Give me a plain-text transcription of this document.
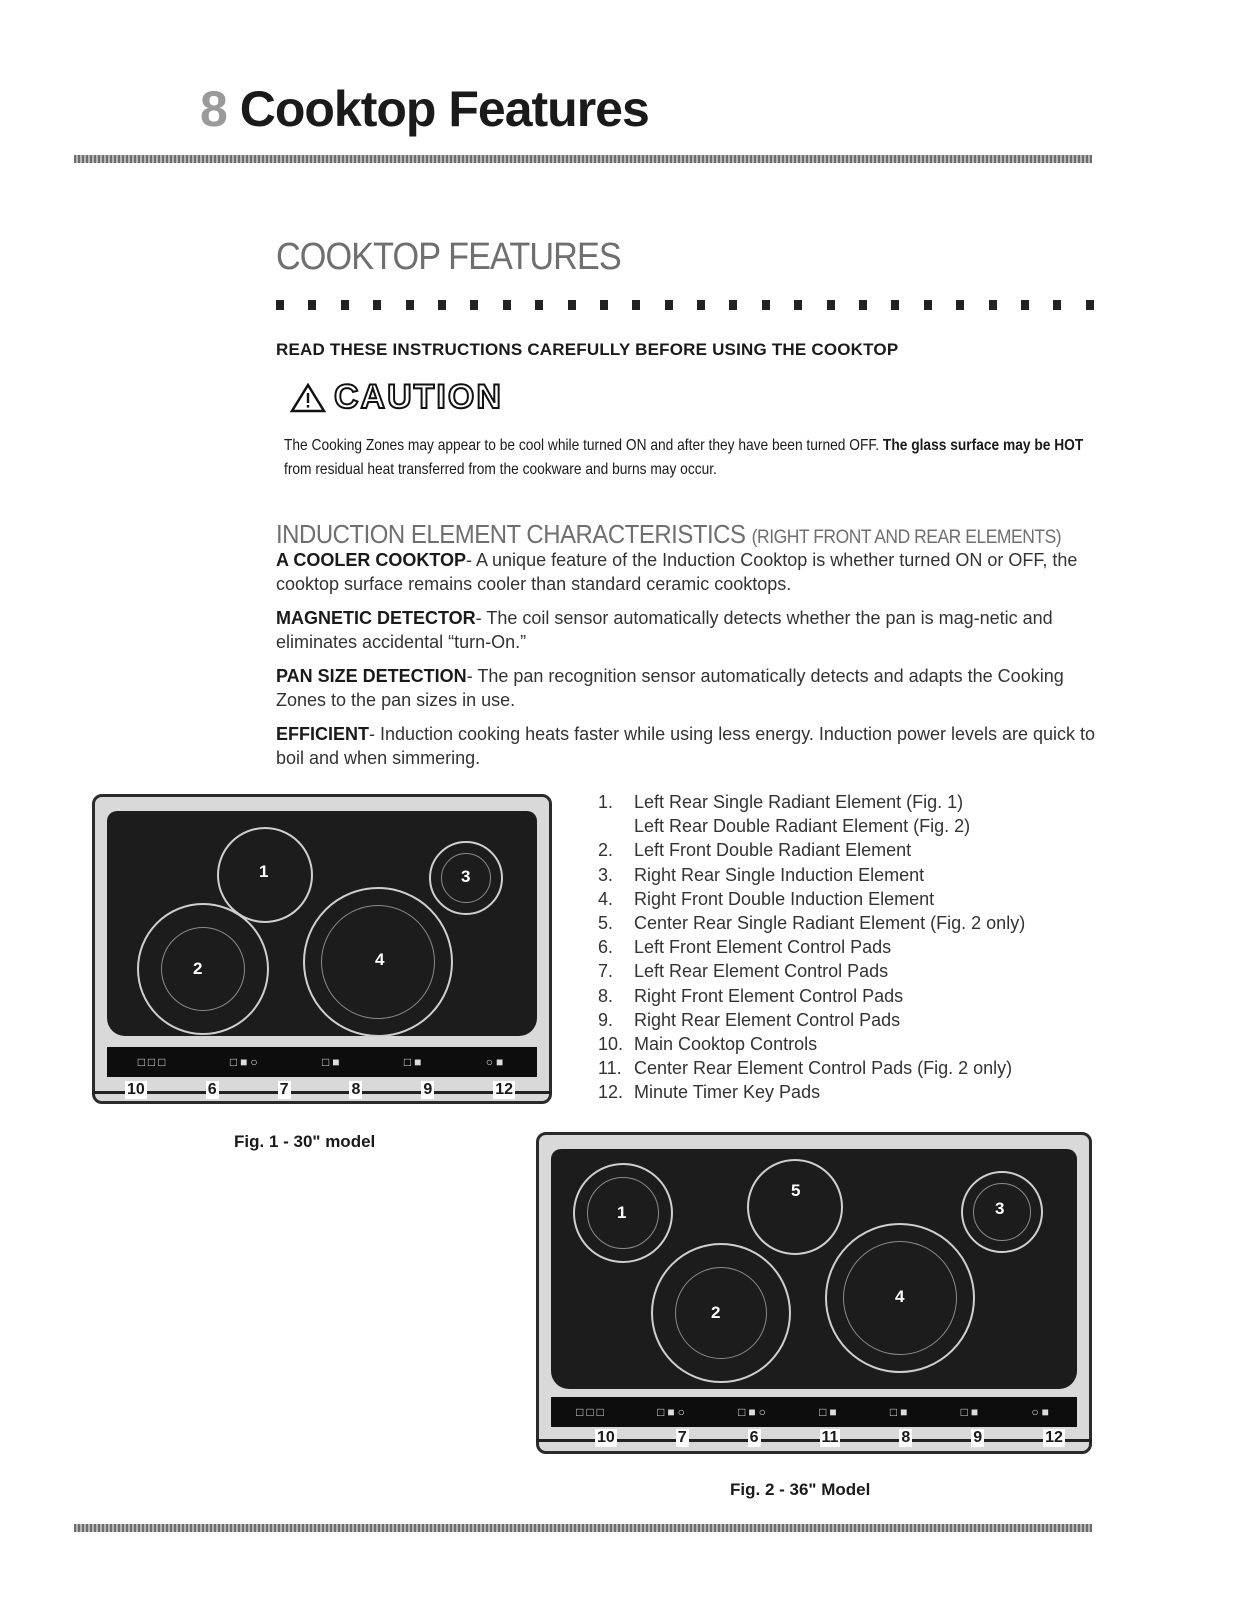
8 Cooktop Features
COOKTOP FEATURES
READ THESE INSTRUCTIONS CAREFULLY BEFORE USING THE COOKTOP
CAUTION
The Cooking Zones may appear to be cool while turned ON and after they have been turned OFF. The glass surface may be HOT from residual heat transferred from the cookware and burns may occur.
INDUCTION ELEMENT CHARACTERISTICS (RIGHT FRONT AND REAR ELEMENTS)
A COOLER COOKTOP- A unique feature of the Induction Cooktop is whether turned ON or OFF, the cooktop surface remains cooler than standard ceramic cooktops.
MAGNETIC DETECTOR- The coil sensor automatically detects whether the pan is mag-netic and eliminates accidental “turn-On.”
PAN SIZE DETECTION- The pan recognition sensor automatically detects and adapts the Cooking Zones to the pan sizes in use.
EFFICIENT- Induction cooking heats faster while using less energy. Induction power levels are quick to boil and when simmering.
1
2
3
4
□□□	□■○	□■	□■	○■
10	6	7	8	9	12
Fig. 1 - 30" model
1.	Left Rear Single Radiant Element (Fig. 1)
Left Rear Double Radiant Element (Fig. 2)
2.	Left Front Double Radiant Element
3.	Right Rear Single Induction Element
4.	Right Front Double Induction Element
5.	Center Rear Single Radiant Element (Fig. 2 only)
6.	Left Front Element Control Pads
7.	Left Rear Element Control Pads
8.	Right Front Element Control Pads
9.	Right Rear Element Control Pads
10. Main Cooktop Controls
11. Center Rear Element Control Pads (Fig. 2 only)
12. Minute Timer Key Pads
1
5
2
3
4
□□□	□■○	□■○	□■	□■	□■	○■
10	7	6	11	8	9	12
Fig. 2 - 36" Model
